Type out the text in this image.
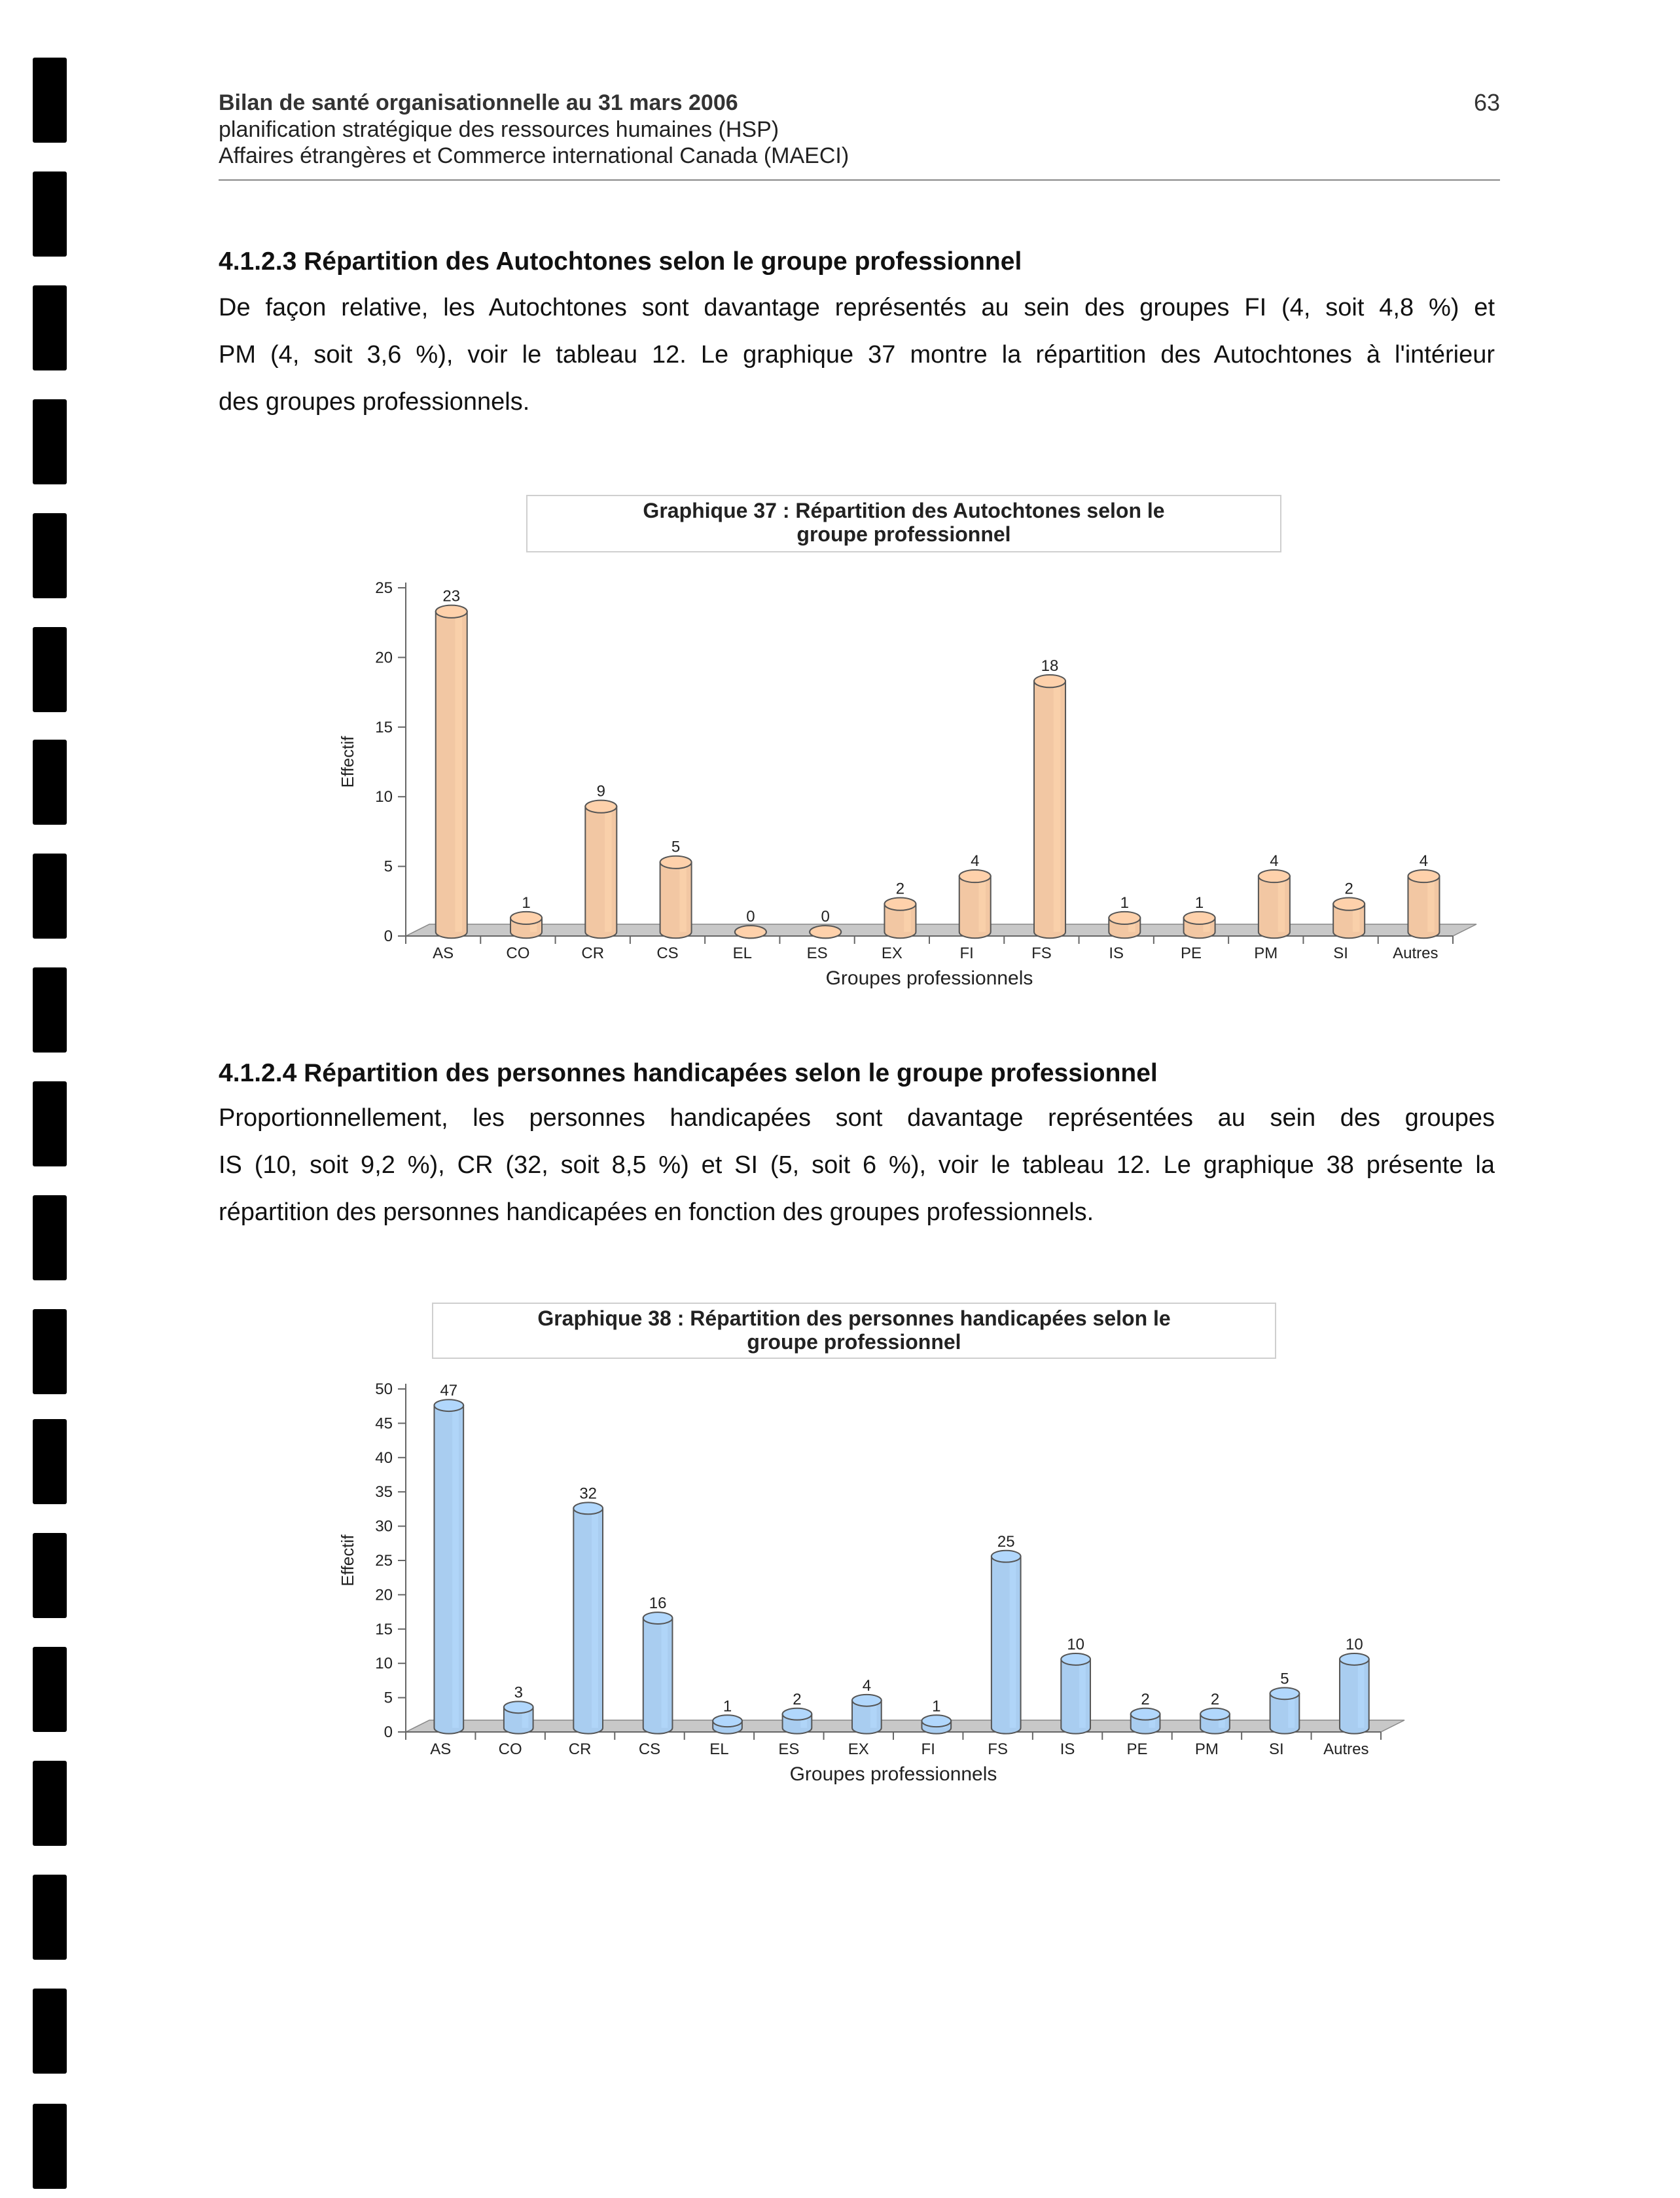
Bilan de santé organisationnelle au 31 mars 2006
planification stratégique des ressources humaines (HSP)
Affaires étrangères et Commerce international Canada (MAECI)
63
4.1.2.3 Répartition des Autochtones selon le groupe professionnel
De façon relative, les Autochtones sont davantage représentés au sein des groupes FI (4, soit 4,8 %) et
PM (4, soit 3,6 %), voir le tableau 12. Le graphique 37 montre la répartition des Autochtones à l'intérieur
des groupes professionnels.
Graphique 37 : Répartition des Autochtones selon le
groupe professionnel
0
5
10
15
20
25	23
AS
1
CO
9
CR
5
CS
0
EL
0
ES
2
EX
4
FI
18
FS
1
IS
1
PE
4
PM
2
SI
4
Autres
Groupes professionnels
Effectif
4.1.2.4 Répartition des personnes handicapées selon le groupe professionnel
Proportionnellement, les personnes handicapées sont davantage représentées au sein des groupes
IS (10, soit 9,2 %), CR (32, soit 8,5 %) et SI (5, soit 6 %), voir le tableau 12. Le graphique 38 présente la
répartition des personnes handicapées en fonction des groupes professionnels.
Graphique 38 : Répartition des personnes handicapées selon le
groupe professionnel
0
5
10
15
20
25
30
35
40
45
50	47
AS
3
CO
32
CR
16
CS
1
EL
2
ES
4
EX
1
FI
25
FS
10
IS
2
PE
2
PM
5
SI
10
Autres
Groupes professionnels
Effectif
